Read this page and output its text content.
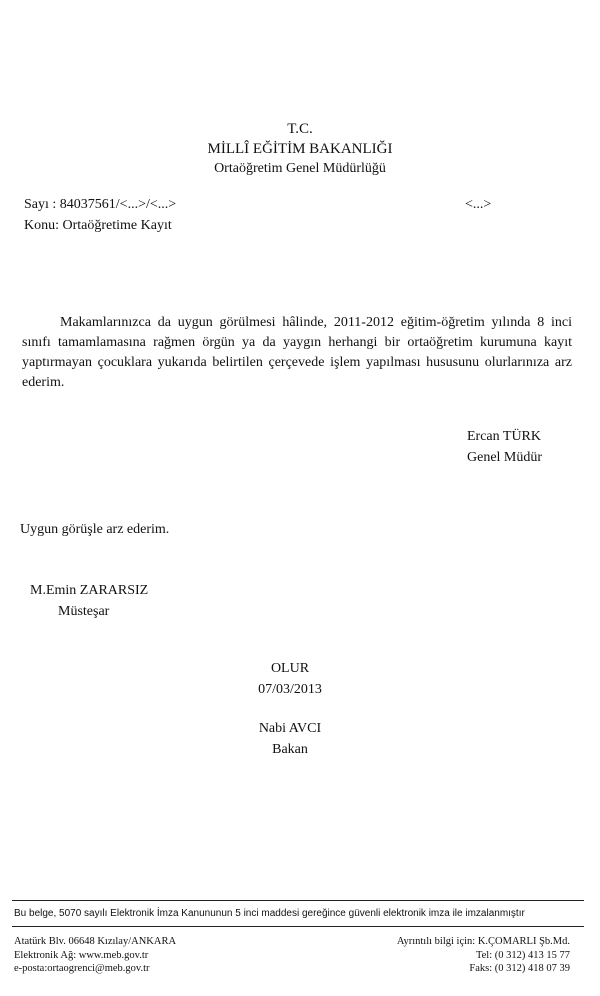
T.C.
MİLLÎ EĞİTİM BAKANLIĞI
Ortaöğretim Genel Müdürlüğü
Sayı : 84037561/<...>/<...>	<...>
Konu: Ortaöğretime Kayıt
Makamlarınızca da uygun görülmesi hâlinde, 2011-2012 eğitim-öğretim yılında 8 inci sınıfı tamamlamasına rağmen örgün ya da yaygın herhangi bir ortaöğretim kurumuna kayıt yaptırmayan çocuklara yukarıda belirtilen çerçevede işlem yapılması hususunu olurlarınıza arz ederim.
Ercan TÜRK
Genel Müdür
Uygun görüşle arz ederim.
M.Emin ZARARSIZ
Müsteşar
OLUR
07/03/2013
Nabi AVCI
Bakan
Bu belge, 5070 sayılı Elektronik İmza Kanununun 5 inci maddesi gereğince güvenli elektronik imza ile imzalanmıştır
Atatürk Blv. 06648 Kızılay/ANKARA
Elektronik Ağ: www.meb.gov.tr
e-posta:ortaogrenci@meb.gov.tr
Ayrıntılı bilgi için: K.ÇOMARLI Şb.Md.
Tel: (0 312) 413 15 77
Faks: (0 312) 418 07 39
